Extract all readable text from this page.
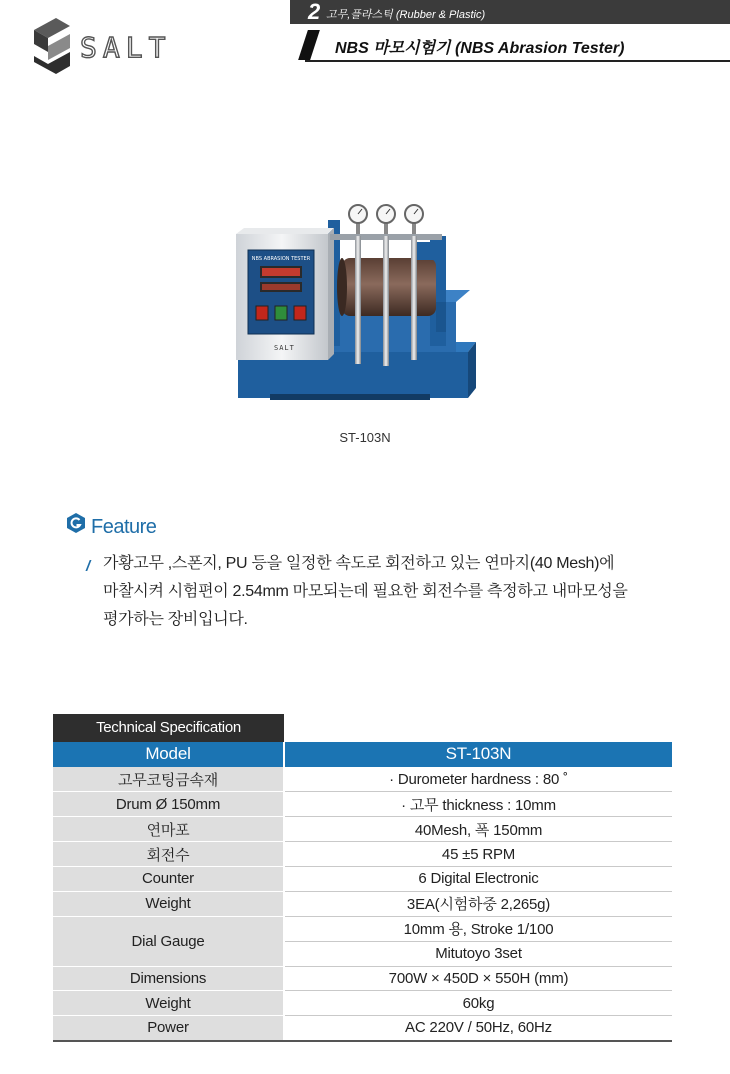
SALT
2 고무,플라스틱 (Rubber & Plastic)
NBS 마모시험기 (NBS Abrasion Tester)
NBS ABRASION TESTER
SALT
ST-103N
Feature
/ 가황고무 ,스폰지, PU 등을 일정한 속도로 회전하고 있는 연마지(40 Mesh)에
마찰시켜 시험편이 2.54mm 마모되는데 필요한 회전수를 측정하고 내마모성을
평가하는 장비입니다.
Technical Specification
Model	ST-103N
고무코팅금속재	· Durometer hardness : 80 ˚
Drum Ø 150mm	· 고무 thickness : 10mm
연마포	40Mesh, 폭 150mm
회전수	45 ±5 RPM
Counter	6 Digital Electronic
Weight	3EA(시험하중 2,265g)
Dial Gauge	10mm 용, Stroke 1/100
	Mitutoyo 3set
Dimensions	700W × 450D × 550H (mm)
Weight	60kg
Power	AC 220V / 50Hz, 60Hz
